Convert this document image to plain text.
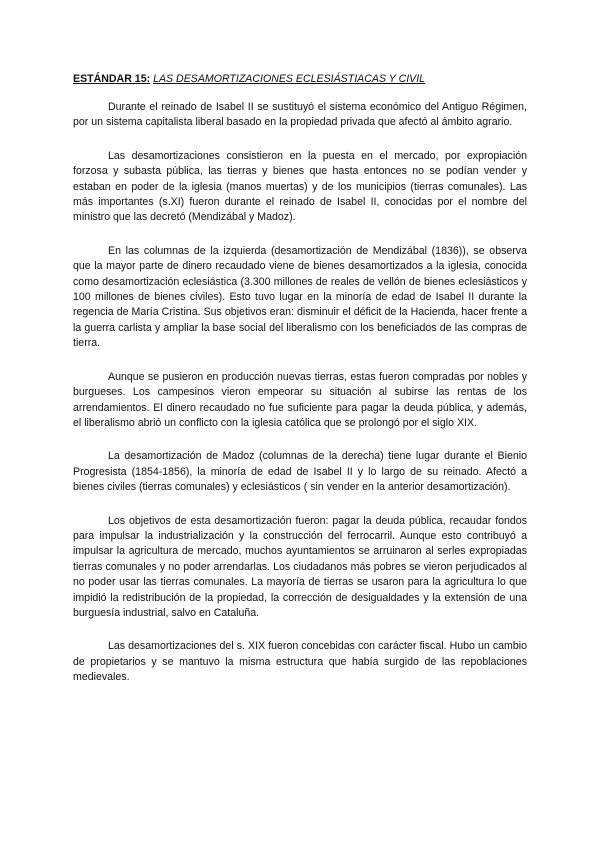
ESTÁNDAR 15: LAS DESAMORTIZACIONES ECLESIÁSTIACAS Y CIVIL

Durante el reinado de Isabel II se sustituyó el sistema económico del Antiguo Régimen, por un sistema capitalista liberal basado en la propiedad privada que afectó al ámbito agrario.

Las desamortizaciones consistieron en la puesta en el mercado, por expropiación forzosa y subasta pública, las tierras y bienes que hasta entonces no se podían vender y estaban en poder de la iglesia (manos muertas) y de los municipios (tierras comunales). Las más importantes (s.XI) fueron durante el reinado de Isabel II, conocidas por el nombre del ministro que las decretó (Mendizábal y Madoz).

En las columnas de la izquierda (desamortización de Mendizábal (1836)), se observa que la mayor parte de dinero recaudado viene de bienes desamortizados a la iglesia, conocida como desamortización eclesiástica (3.300 millones de reales de vellón de bienes eclesiásticos y 100 millones de bienes civiles). Esto tuvo lugar en la minoría de edad de Isabel II durante la regencia de María Cristina. Sus objetivos eran: disminuir el déficit de la Hacienda, hacer frente a la guerra carlista y ampliar la base social del liberalismo con los beneficiados de las compras de tierra.

Aunque se pusieron en producción nuevas tierras, estas fueron compradas por nobles y burgueses. Los campesinos vieron empeorar su situación al subirse las rentas de los arrendamientos. El dinero recaudado no fue suficiente para pagar la deuda pública, y además, el liberalismo abrió un conflicto con la iglesia católica que se prolongó por el siglo XIX.

La desamortización de Madoz (columnas de la derecha) tiene lugar durante el Bienio Progresista (1854-1856), la minoría de edad de Isabel II y lo largo de su reinado. Afectó a bienes civiles (tierras comunales) y eclesiásticos ( sin vender en la anterior desamortización).

Los objetivos de esta desamortización fueron: pagar la deuda pública, recaudar fondos para impulsar la industrialización y la construcción del ferrocarril. Aunque esto contribuyó a impulsar la agricultura de mercado, muchos ayuntamientos se arruinaron al serles expropiadas tierras comunales y no poder arrendarlas. Los ciudadanos más pobres se vieron perjudicados al no poder usar las tierras comunales. La mayoría de tierras se usaron para la agricultura lo que impidió la redistribución de la propiedad, la corrección de desigualdades y la extensión de una burguesía industrial, salvo en Cataluña.

Las desamortizaciones del s. XIX fueron concebidas con carácter fiscal. Hubo un cambio de propietarios y se mantuvo la misma estructura que había surgido de las repoblaciones medievales.
